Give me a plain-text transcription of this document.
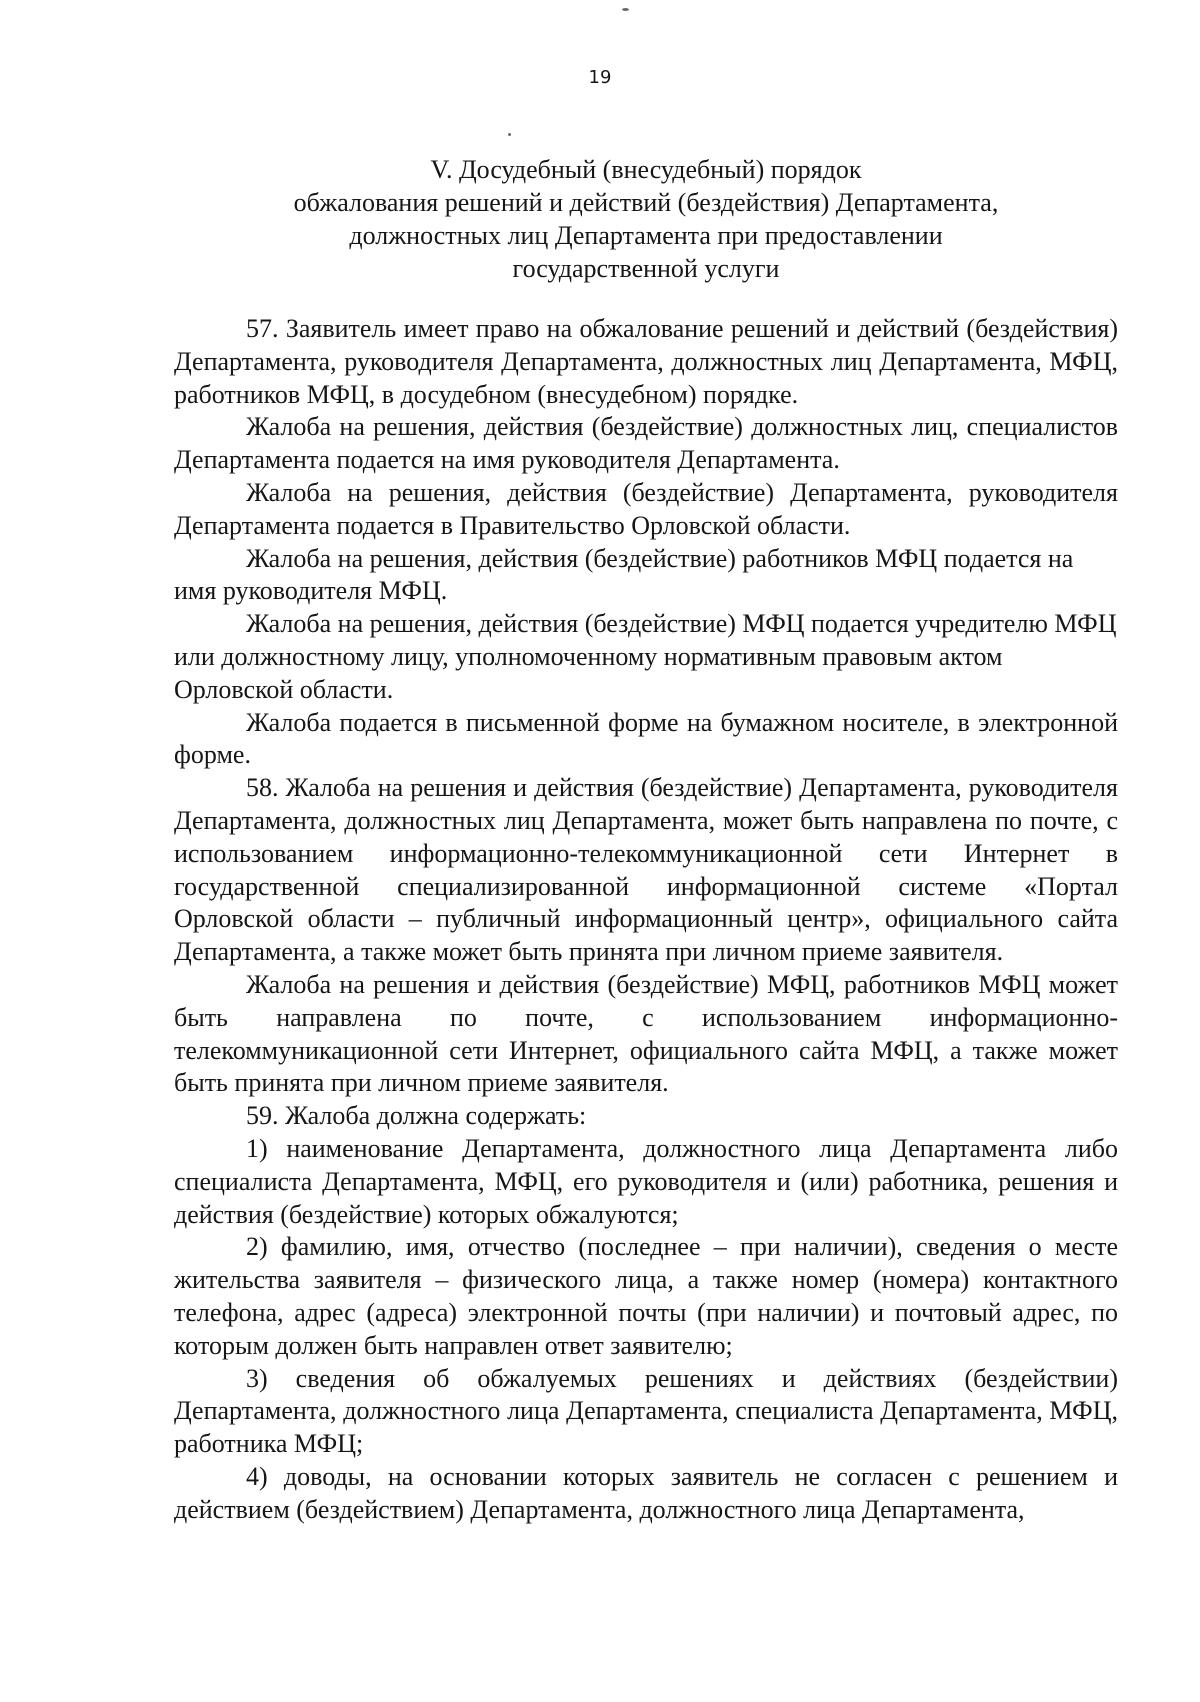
19
V. Досудебный (внесудебный) порядок
обжалования решений и действий (бездействия) Департамента,
должностных лиц Департамента при предоставлении
государственной услуги

57. Заявитель имеет право на обжалование решений и действий (бездействия) Департамента, руководителя Департамента, должностных лиц Департамента, МФЦ, работников МФЦ, в досудебном (внесудебном) порядке.

Жалоба на решения, действия (бездействие) должностных лиц, специалистов Департамента подается на имя руководителя Департамента.

Жалоба на решения, действия (бездействие) Департамента, руководителя Департамента подается в Правительство Орловской области.

Жалоба на решения, действия (бездействие) работников МФЦ подается на имя руководителя МФЦ.

Жалоба на решения, действия (бездействие) МФЦ подается учредителю МФЦ или должностному лицу, уполномоченному нормативным правовым актом Орловской области.

Жалоба подается в письменной форме на бумажном носителе, в электронной форме.

58. Жалоба на решения и действия (бездействие) Департамента, руководителя Департамента, должностных лиц Департамента, может быть направлена по почте, с использованием информационно-телекоммуникационной сети Интернет в государственной специализированной информационной системе «Портал Орловской области – публичный информационный центр», официального сайта Департамента, а также может быть принята при личном приеме заявителя.

Жалоба на решения и действия (бездействие) МФЦ, работников МФЦ может быть направлена по почте, с использованием информационно-телекоммуникационной сети Интернет, официального сайта МФЦ, а также может быть принята при личном приеме заявителя.

59. Жалоба должна содержать:

1) наименование Департамента, должностного лица Департамента либо специалиста Департамента, МФЦ, его руководителя и (или) работника, решения и действия (бездействие) которых обжалуются;

2) фамилию, имя, отчество (последнее – при наличии), сведения о месте жительства заявителя – физического лица, а также номер (номера) контактного телефона, адрес (адреса) электронной почты (при наличии) и почтовый адрес, по которым должен быть направлен ответ заявителю;

3) сведения об обжалуемых решениях и действиях (бездействии) Департамента, должностного лица Департамента, специалиста Департамента, МФЦ, работника МФЦ;

4) доводы, на основании которых заявитель не согласен с решением и действием (бездействием) Департамента, должностного лица Департамента,
